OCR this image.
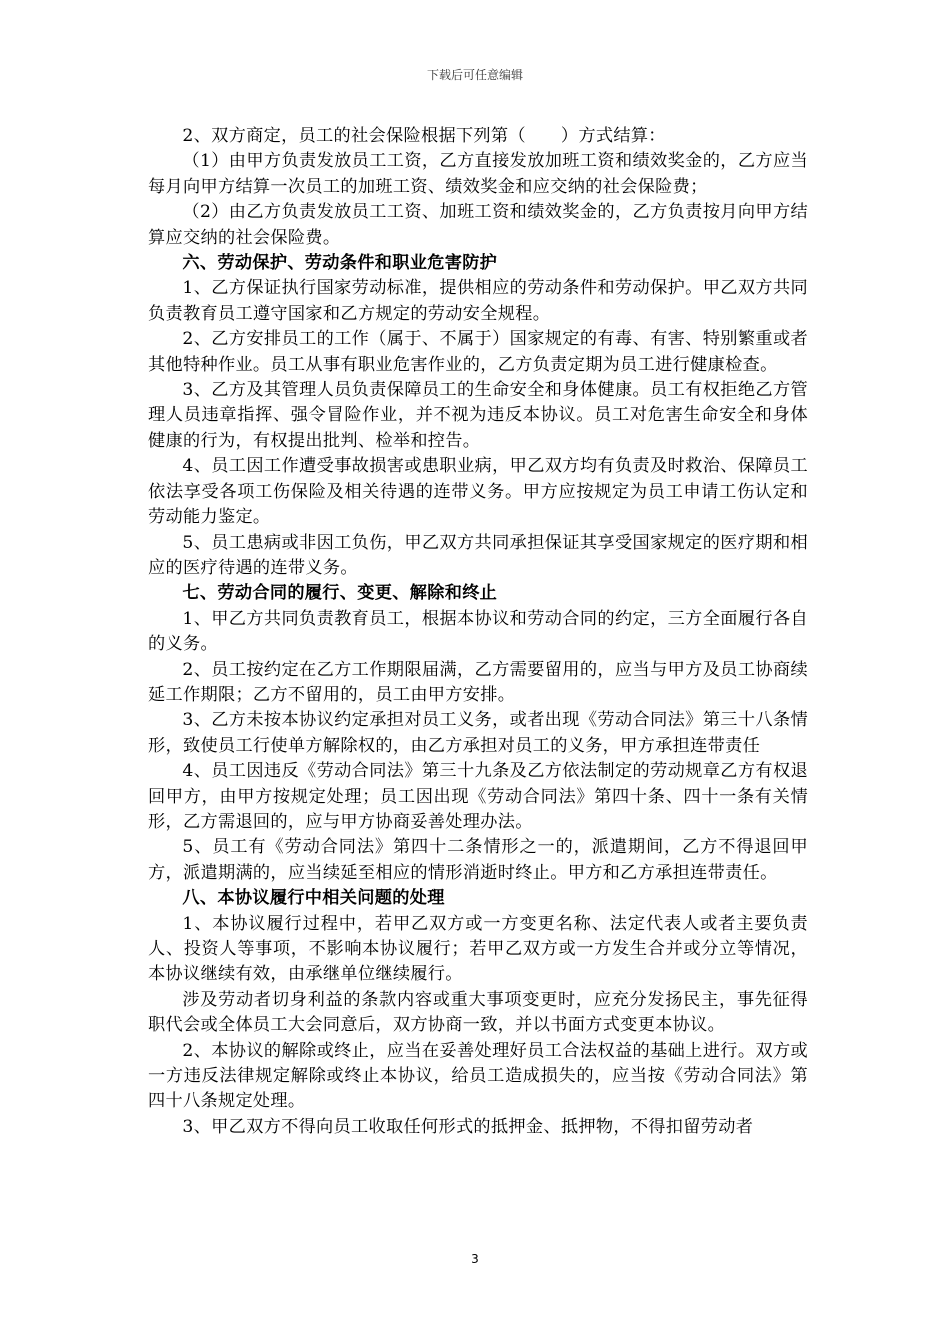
下载后可任意编辑

2、双方商定，员工的社会保险根据下列第（　　）方式结算：

（1）由甲方负责发放员工工资，乙方直接发放加班工资和绩效奖金的，乙方应当每月向甲方结算一次员工的加班工资、绩效奖金和应交纳的社会保险费；

（2）由乙方负责发放员工工资、加班工资和绩效奖金的，乙方负责按月向甲方结算应交纳的社会保险费。

六、劳动保护、劳动条件和职业危害防护

1、乙方保证执行国家劳动标准，提供相应的劳动条件和劳动保护。甲乙双方共同负责教育员工遵守国家和乙方规定的劳动安全规程。

2、乙方安排员工的工作（属于、不属于）国家规定的有毒、有害、特别繁重或者其他特种作业。员工从事有职业危害作业的，乙方负责定期为员工进行健康检查。

3、乙方及其管理人员负责保障员工的生命安全和身体健康。员工有权拒绝乙方管理人员违章指挥、强令冒险作业，并不视为违反本协议。员工对危害生命安全和身体健康的行为，有权提出批判、检举和控告。

4、员工因工作遭受事故损害或患职业病，甲乙双方均有负责及时救治、保障员工依法享受各项工伤保险及相关待遇的连带义务。甲方应按规定为员工申请工伤认定和劳动能力鉴定。

5、员工患病或非因工负伤，甲乙双方共同承担保证其享受国家规定的医疗期和相应的医疗待遇的连带义务。

七、劳动合同的履行、变更、解除和终止

1、甲乙方共同负责教育员工，根据本协议和劳动合同的约定，三方全面履行各自的义务。

2、员工按约定在乙方工作期限届满，乙方需要留用的，应当与甲方及员工协商续延工作期限；乙方不留用的，员工由甲方安排。

3、乙方未按本协议约定承担对员工义务，或者出现《劳动合同法》第三十八条情形，致使员工行使单方解除权的，由乙方承担对员工的义务，甲方承担连带责任

4、员工因违反《劳动合同法》第三十九条及乙方依法制定的劳动规章乙方有权退回甲方，由甲方按规定处理；员工因出现《劳动合同法》第四十条、四十一条有关情形，乙方需退回的，应与甲方协商妥善处理办法。

5、员工有《劳动合同法》第四十二条情形之一的，派遣期间，乙方不得退回甲方，派遣期满的，应当续延至相应的情形消逝时终止。甲方和乙方承担连带责任。

八、本协议履行中相关问题的处理

1、本协议履行过程中，若甲乙双方或一方变更名称、法定代表人或者主要负责人、投资人等事项，不影响本协议履行；若甲乙双方或一方发生合并或分立等情况，本协议继续有效，由承继单位继续履行。

涉及劳动者切身利益的条款内容或重大事项变更时，应充分发扬民主，事先征得职代会或全体员工大会同意后，双方协商一致，并以书面方式变更本协议。

2、本协议的解除或终止，应当在妥善处理好员工合法权益的基础上进行。双方或一方违反法律规定解除或终止本协议，给员工造成损失的，应当按《劳动合同法》第四十八条规定处理。

3、甲乙双方不得向员工收取任何形式的抵押金、抵押物，不得扣留劳动者

3
